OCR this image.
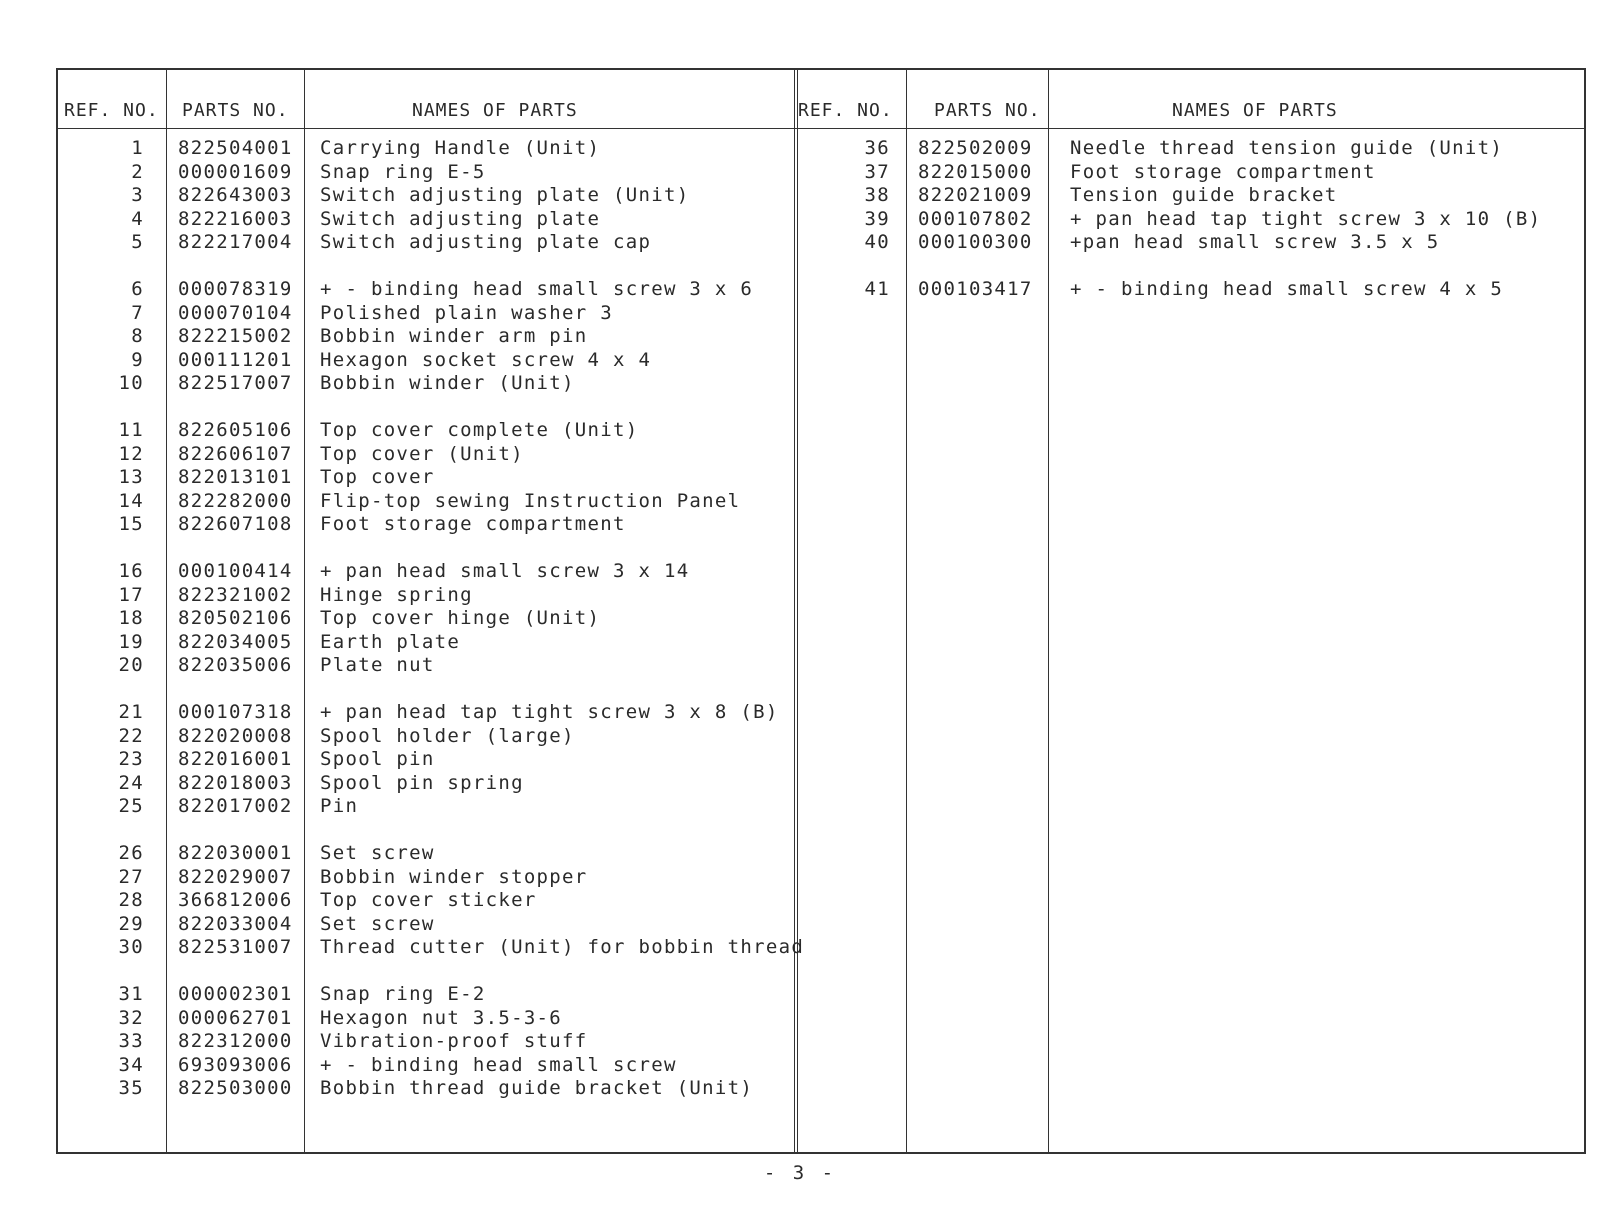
REF. NO. PARTS NO.	NAMES OF PARTS	REF. NO. PARTS NO.	NAMES OF PARTS
1 822504001 Carrying Handle (Unit)
2 000001609 Snap ring E-5
3 822643003 Switch adjusting plate (Unit)
4 822216003 Switch adjusting plate
5 822217004 Switch adjusting plate cap
6 000078319 + - binding head small screw 3 x 6
7 000070104 Polished plain washer 3
8 822215002 Bobbin winder arm pin
9 000111201 Hexagon socket screw 4 x 4
10 822517007 Bobbin winder (Unit)
11 822605106 Top cover complete (Unit)
12 822606107 Top cover (Unit)
13 822013101 Top cover
14 822282000 Flip-top sewing Instruction Panel
15 822607108 Foot storage compartment
16 000100414 + pan head small screw 3 x 14
17 822321002 Hinge spring
18 820502106 Top cover hinge (Unit)
19 822034005 Earth plate
20 822035006 Plate nut
21 000107318 + pan head tap tight screw 3 x 8 (B)
22 822020008 Spool holder (large)
23 822016001 Spool pin
24 822018003 Spool pin spring
25 822017002 Pin
26 822030001 Set screw
27 822029007 Bobbin winder stopper
28 366812006 Top cover sticker
29 822033004 Set screw
30 822531007 Thread cutter (Unit) for bobbin thread
31 000002301 Snap ring E-2
32 000062701 Hexagon nut 3.5-3-6
33 822312000 Vibration-proof stuff
34 693093006 + - binding head small screw
35 822503000 Bobbin thread guide bracket (Unit)
36 822502009 Needle thread tension guide (Unit)
37 822015000 Foot storage compartment
38 822021009 Tension guide bracket
39 000107802 + pan head tap tight screw 3 x 10 (B)
40 000100300 +pan head small screw 3.5 x 5
41 000103417 + - binding head small screw 4 x 5
- 3 -
